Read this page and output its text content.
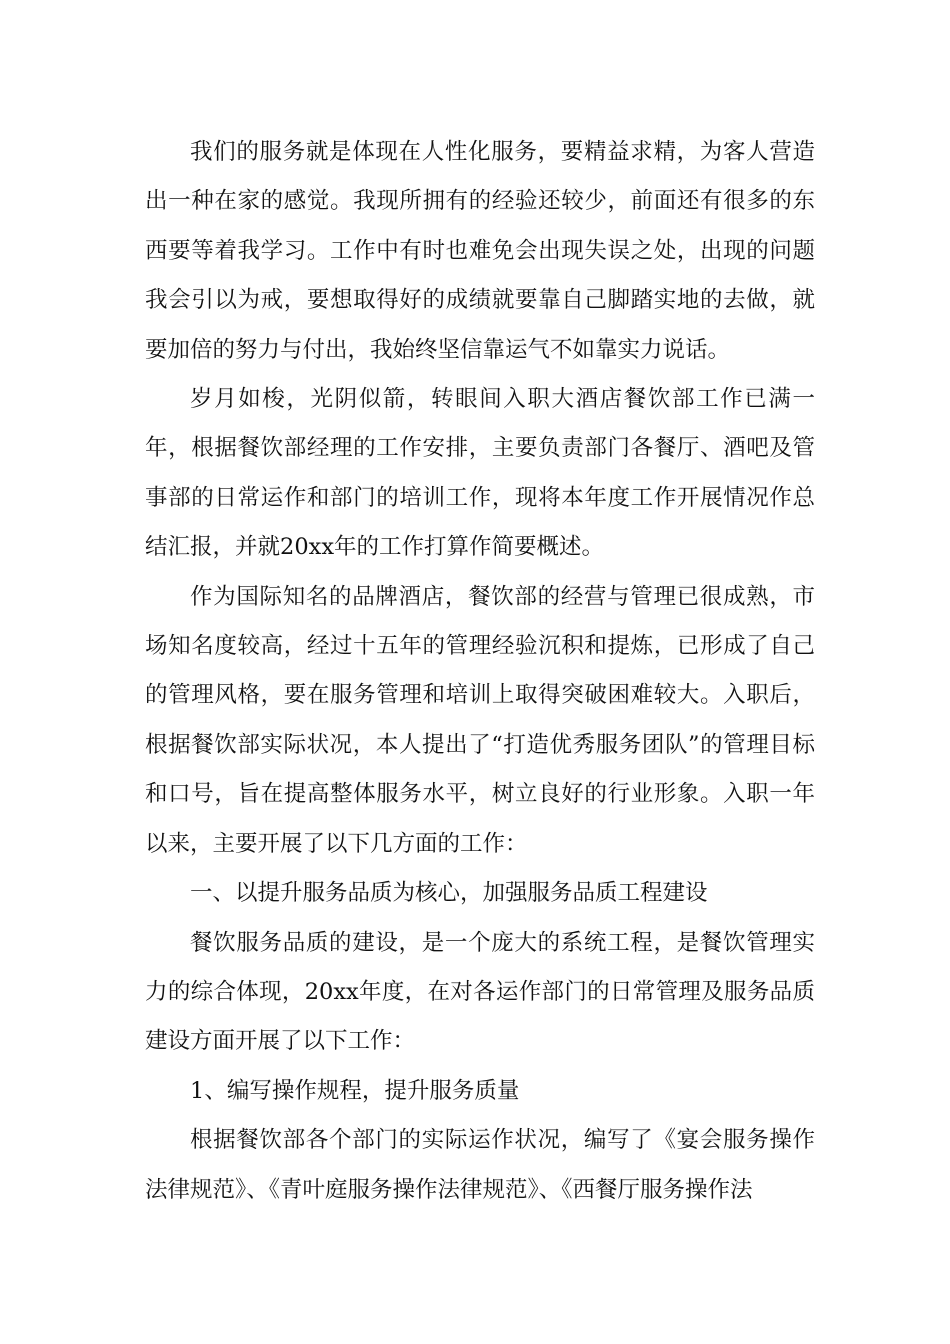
我们的服务就是体现在人性化服务，要精益求精，为客人营造出一种在家的感觉。我现所拥有的经验还较少，前面还有很多的东西要等着我学习。工作中有时也难免会出现失误之处，出现的问题我会引以为戒，要想取得好的成绩就要靠自己脚踏实地的去做，就要加倍的努力与付出，我始终坚信靠运气不如靠实力说话。

岁月如梭，光阴似箭，转眼间入职大酒店餐饮部工作已满一年，根据餐饮部经理的工作安排，主要负责部门各餐厅、酒吧及管事部的日常运作和部门的培训工作，现将本年度工作开展情况作总结汇报，并就20xx年的工作打算作简要概述。

作为国际知名的品牌酒店，餐饮部的经营与管理已很成熟，市场知名度较高，经过十五年的管理经验沉积和提炼，已形成了自己的管理风格，要在服务管理和培训上取得突破困难较大。入职后，根据餐饮部实际状况，本人提出了“打造优秀服务团队”的管理目标和口号，旨在提高整体服务水平，树立良好的行业形象。入职一年以来，主要开展了以下几方面的工作：

一、以提升服务品质为核心，加强服务品质工程建设

餐饮服务品质的建设，是一个庞大的系统工程，是餐饮管理实力的综合体现，20xx年度，在对各运作部门的日常管理及服务品质建设方面开展了以下工作：

1、编写操作规程，提升服务质量

根据餐饮部各个部门的实际运作状况，编写了《宴会服务操作法律规范》、《青叶庭服务操作法律规范》、《西餐厅服务操作法
